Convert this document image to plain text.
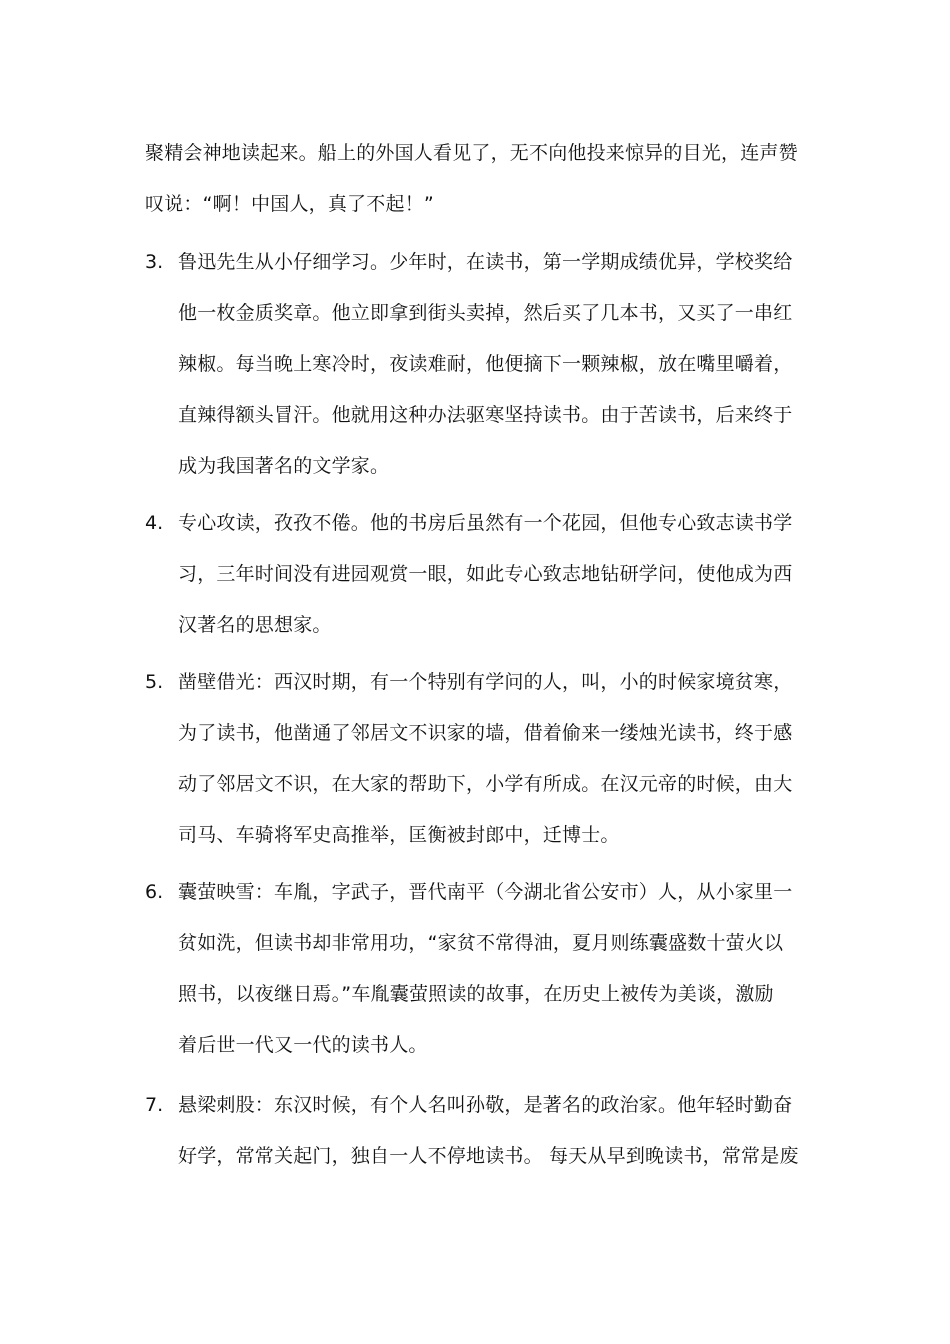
聚精会神地读起来。船上的外国人看见了，无不向他投来惊异的目光，连声赞
叹说：“啊！中国人，真了不起！”
3. 鲁迅先生从小仔细学习。少年时，在读书，第一学期成绩优异，学校奖给
他一枚金质奖章。他立即拿到街头卖掉，然后买了几本书，又买了一串红
辣椒。每当晚上寒冷时，夜读难耐，他便摘下一颗辣椒，放在嘴里嚼着，
直辣得额头冒汗。他就用这种办法驱寒坚持读书。由于苦读书，后来终于
成为我国著名的文学家。
4. 专心攻读，孜孜不倦。他的书房后虽然有一个花园，但他专心致志读书学
习，三年时间没有进园观赏一眼，如此专心致志地钻研学问，使他成为西
汉著名的思想家。
5. 凿壁借光：西汉时期，有一个特别有学问的人，叫，小的时候家境贫寒，
为了读书，他凿通了邻居文不识家的墙，借着偷来一缕烛光读书，终于感
动了邻居文不识，在大家的帮助下，小学有所成。在汉元帝的时候，由大
司马、车骑将军史高推举，匡衡被封郎中，迁博士。
6. 囊萤映雪：车胤，字武子，晋代南平（今湖北省公安市）人，从小家里一
贫如洗，但读书却非常用功，“家贫不常得油，夏月则练囊盛数十萤火以
照书，以夜继日焉。”车胤囊萤照读的故事，在历史上被传为美谈，激励
着后世一代又一代的读书人。
7. 悬梁刺股：东汉时候，有个人名叫孙敬，是著名的政治家。他年轻时勤奋
好学，常常关起门，独自一人不停地读书。 每天从早到晚读书，常常是废
